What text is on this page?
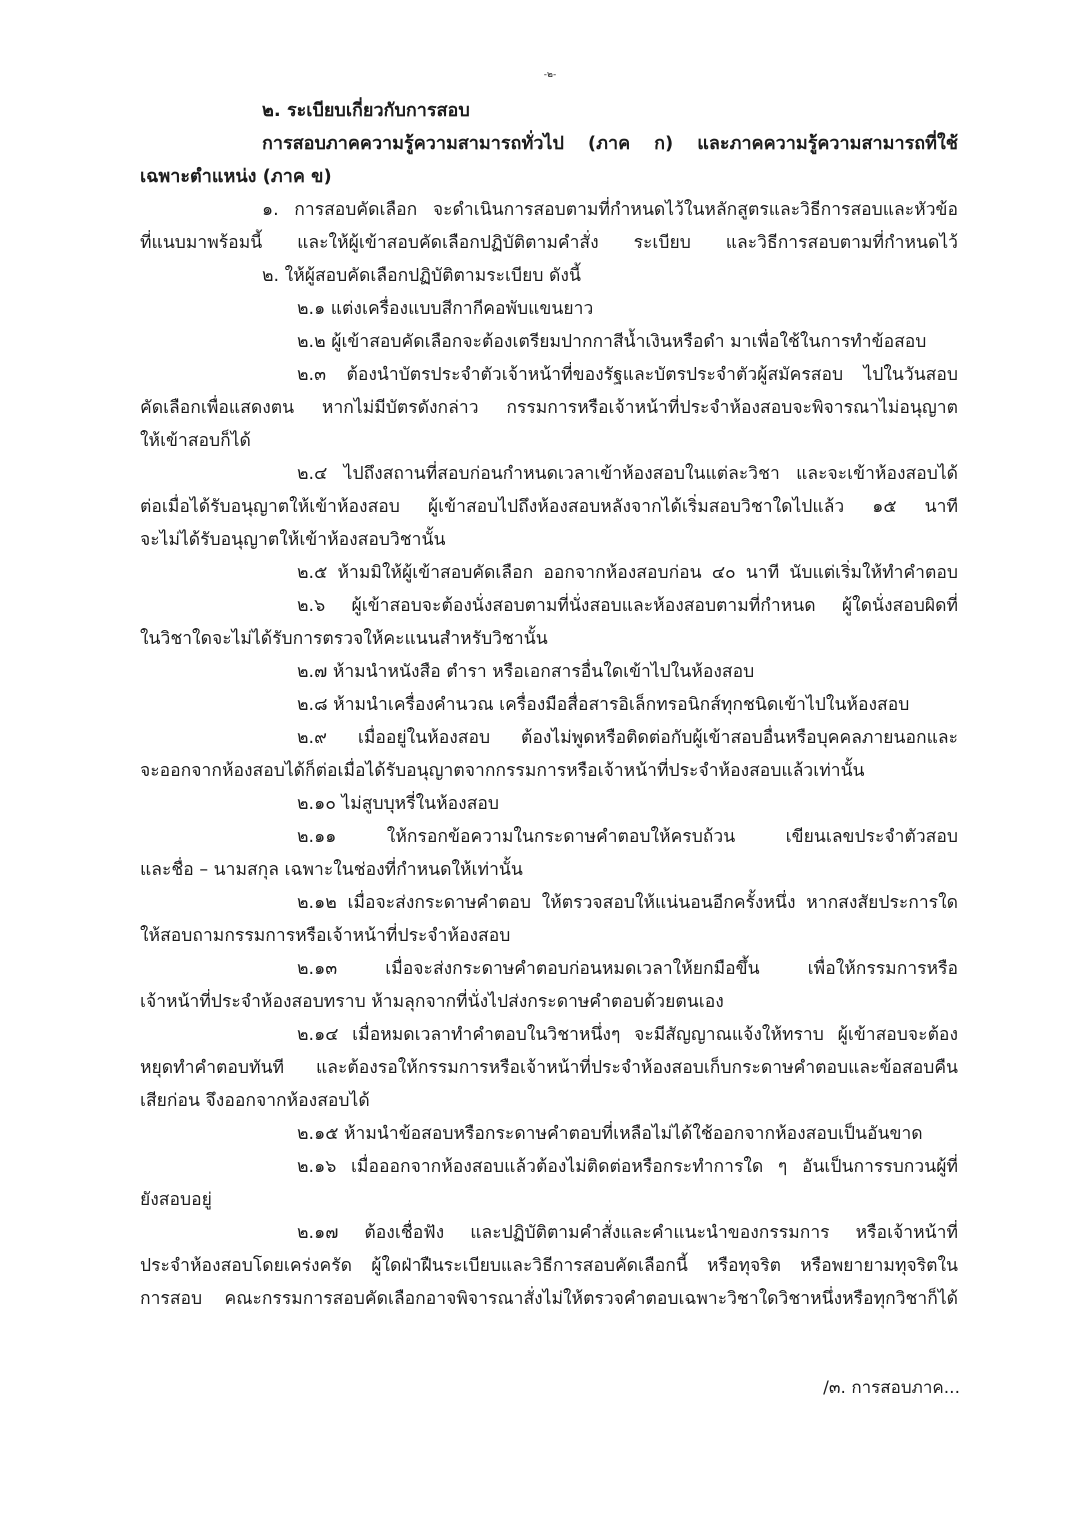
-๒-

๒. ระเบียบเกี่ยวกับการสอบ

การสอบภาคความรู้ความสามารถทั่วไป (ภาค ก) และภาคความรู้ความสามารถที่ใช้

เฉพาะตำแหน่ง (ภาค ข)

๑. การสอบคัดเลือก จะดำเนินการสอบตามที่กำหนดไว้ในหลักสูตรและวิธีการสอบและหัวข้อ

ที่แนบมาพร้อมนี้ และให้ผู้เข้าสอบคัดเลือกปฏิบัติตามคำสั่ง ระเบียบ และวิธีการสอบตามที่กำหนดไว้

๒. ให้ผู้สอบคัดเลือกปฏิบัติตามระเบียบ ดังนี้

๒.๑ แต่งเครื่องแบบสีกากีคอพับแขนยาว

๒.๒ ผู้เข้าสอบคัดเลือกจะต้องเตรียมปากกาสีน้ำเงินหรือดำ มาเพื่อใช้ในการทำข้อสอบ

๒.๓ ต้องนำบัตรประจำตัวเจ้าหน้าที่ของรัฐและบัตรประจำตัวผู้สมัครสอบ ไปในวันสอบ

คัดเลือกเพื่อแสดงตน หากไม่มีบัตรดังกล่าว กรรมการหรือเจ้าหน้าที่ประจำห้องสอบจะพิจารณาไม่อนุญาต

ให้เข้าสอบก็ได้

๒.๔ ไปถึงสถานที่สอบก่อนกำหนดเวลาเข้าห้องสอบในแต่ละวิชา และจะเข้าห้องสอบได้

ต่อเมื่อได้รับอนุญาตให้เข้าห้องสอบ ผู้เข้าสอบไปถึงห้องสอบหลังจากได้เริ่มสอบวิชาใดไปแล้ว ๑๕ นาที

จะไม่ได้รับอนุญาตให้เข้าห้องสอบวิชานั้น

๒.๕ ห้ามมิให้ผู้เข้าสอบคัดเลือก ออกจากห้องสอบก่อน ๔๐ นาที นับแต่เริ่มให้ทำคำตอบ

๒.๖ ผู้เข้าสอบจะต้องนั่งสอบตามที่นั่งสอบและห้องสอบตามที่กำหนด ผู้ใดนั่งสอบผิดที่

ในวิชาใดจะไม่ได้รับการตรวจให้คะแนนสำหรับวิชานั้น

๒.๗ ห้ามนำหนังสือ ตำรา หรือเอกสารอื่นใดเข้าไปในห้องสอบ

๒.๘ ห้ามนำเครื่องคำนวณ เครื่องมือสื่อสารอิเล็กทรอนิกส์ทุกชนิดเข้าไปในห้องสอบ

๒.๙ เมื่ออยู่ในห้องสอบ ต้องไม่พูดหรือติดต่อกับผู้เข้าสอบอื่นหรือบุคคลภายนอกและ

จะออกจากห้องสอบได้ก็ต่อเมื่อได้รับอนุญาตจากกรรมการหรือเจ้าหน้าที่ประจำห้องสอบแล้วเท่านั้น

๒.๑๐ ไม่สูบบุหรี่ในห้องสอบ

๒.๑๑ ให้กรอกข้อความในกระดาษคำตอบให้ครบถ้วน เขียนเลขประจำตัวสอบ

และชื่อ – นามสกุล เฉพาะในช่องที่กำหนดให้เท่านั้น

๒.๑๒ เมื่อจะส่งกระดาษคำตอบ ให้ตรวจสอบให้แน่นอนอีกครั้งหนึ่ง หากสงสัยประการใด

ให้สอบถามกรรมการหรือเจ้าหน้าที่ประจำห้องสอบ

๒.๑๓ เมื่อจะส่งกระดาษคำตอบก่อนหมดเวลาให้ยกมือขึ้น เพื่อให้กรรมการหรือ

เจ้าหน้าที่ประจำห้องสอบทราบ ห้ามลุกจากที่นั่งไปส่งกระดาษคำตอบด้วยตนเอง

๒.๑๔ เมื่อหมดเวลาทำคำตอบในวิชาหนึ่งๆ จะมีสัญญาณแจ้งให้ทราบ ผู้เข้าสอบจะต้อง

หยุดทำคำตอบทันที และต้องรอให้กรรมการหรือเจ้าหน้าที่ประจำห้องสอบเก็บกระดาษคำตอบและข้อสอบคืน

เสียก่อน จึงออกจากห้องสอบได้

๒.๑๕ ห้ามนำข้อสอบหรือกระดาษคำตอบที่เหลือไม่ได้ใช้ออกจากห้องสอบเป็นอันขาด

๒.๑๖ เมื่อออกจากห้องสอบแล้วต้องไม่ติดต่อหรือกระทำการใด ๆ อันเป็นการรบกวนผู้ที่

ยังสอบอยู่

๒.๑๗ ต้องเชื่อฟัง และปฏิบัติตามคำสั่งและคำแนะนำของกรรมการ หรือเจ้าหน้าที่

ประจำห้องสอบโดยเคร่งครัด ผู้ใดฝ่าฝืนระเบียบและวิธีการสอบคัดเลือกนี้ หรือทุจริต หรือพยายามทุจริตใน

การสอบ คณะกรรมการสอบคัดเลือกอาจพิจารณาสั่งไม่ให้ตรวจคำตอบเฉพาะวิชาใดวิชาหนึ่งหรือทุกวิชาก็ได้

/๓. การสอบภาค...
